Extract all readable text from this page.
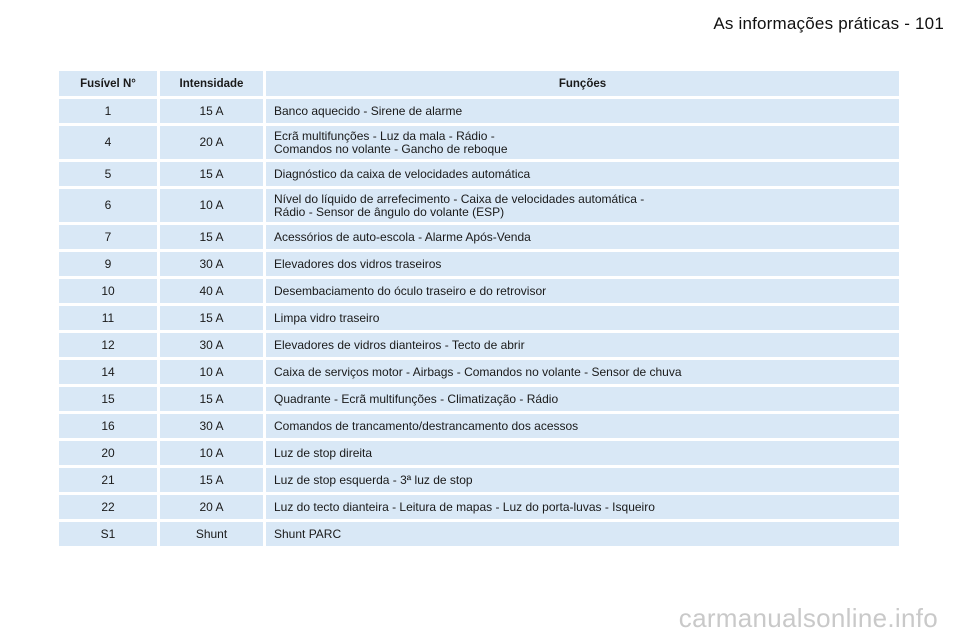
As informações práticas - 101
Fusível N°	Intensidade	Funções
1	15 A	Banco aquecido - Sirene de alarme

4	20 A	Ecrã multifunções - Luz da mala - Rádio -
Comandos no volante - Gancho de reboque

5	15 A	Diagnóstico da caixa de velocidades automática

6	10 A	Nível do líquido de arrefecimento - Caixa de velocidades automática -
Rádio - Sensor de ângulo do volante (ESP)

7	15 A	Acessórios de auto-escola - Alarme Após-Venda

9	30 A	Elevadores dos vidros traseiros

10	40 A	Desembaciamento do óculo traseiro e do retrovisor

11	15 A	Limpa vidro traseiro

12	30 A	Elevadores de vidros dianteiros - Tecto de abrir

14	10 A	Caixa de serviços motor - Airbags - Comandos no volante - Sensor de chuva

15	15 A	Quadrante - Ecrã multifunções - Climatização - Rádio

16	30 A	Comandos de trancamento/destrancamento dos acessos

20	10 A	Luz de stop direita

21	15 A	Luz de stop esquerda - 3ª luz de stop

22	20 A	Luz do tecto dianteira - Leitura de mapas - Luz do porta-luvas - Isqueiro

S1	Shunt	Shunt PARC
carmanualsonline.info
